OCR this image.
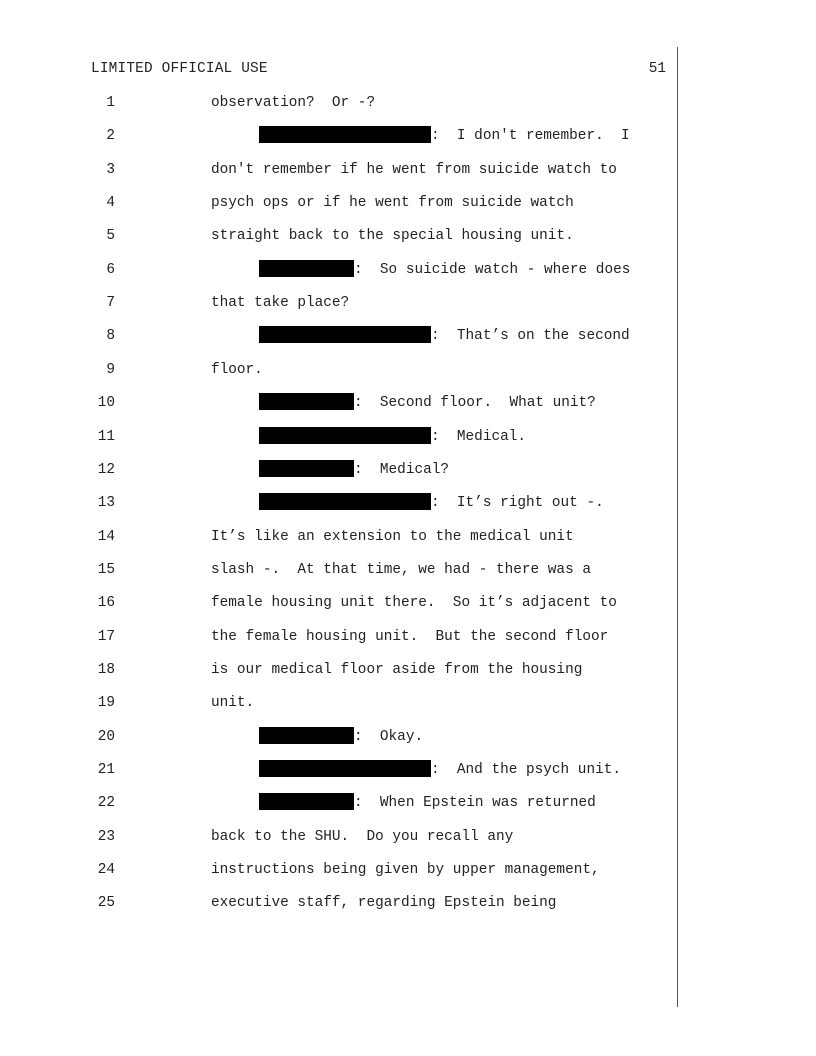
LIMITED OFFICIAL USE	51
1	observation?  Or -?
2	:  I don't remember.  I
3	don't remember if he went from suicide watch to
4	psych ops or if he went from suicide watch
5	straight back to the special housing unit.
6	:  So suicide watch - where does
7	that take place?
8	:  That’s on the second
9	floor.
10	:  Second floor.  What unit?
11	:  Medical.
12	:  Medical?
13	:  It’s right out -.
14	It’s like an extension to the medical unit
15	slash -.  At that time, we had - there was a
16	female housing unit there.  So it’s adjacent to
17	the female housing unit.  But the second floor
18	is our medical floor aside from the housing
19	unit.
20	:  Okay.
21	:  And the psych unit.
22	:  When Epstein was returned
23	back to the SHU.  Do you recall any
24	instructions being given by upper management,
25	executive staff, regarding Epstein being
